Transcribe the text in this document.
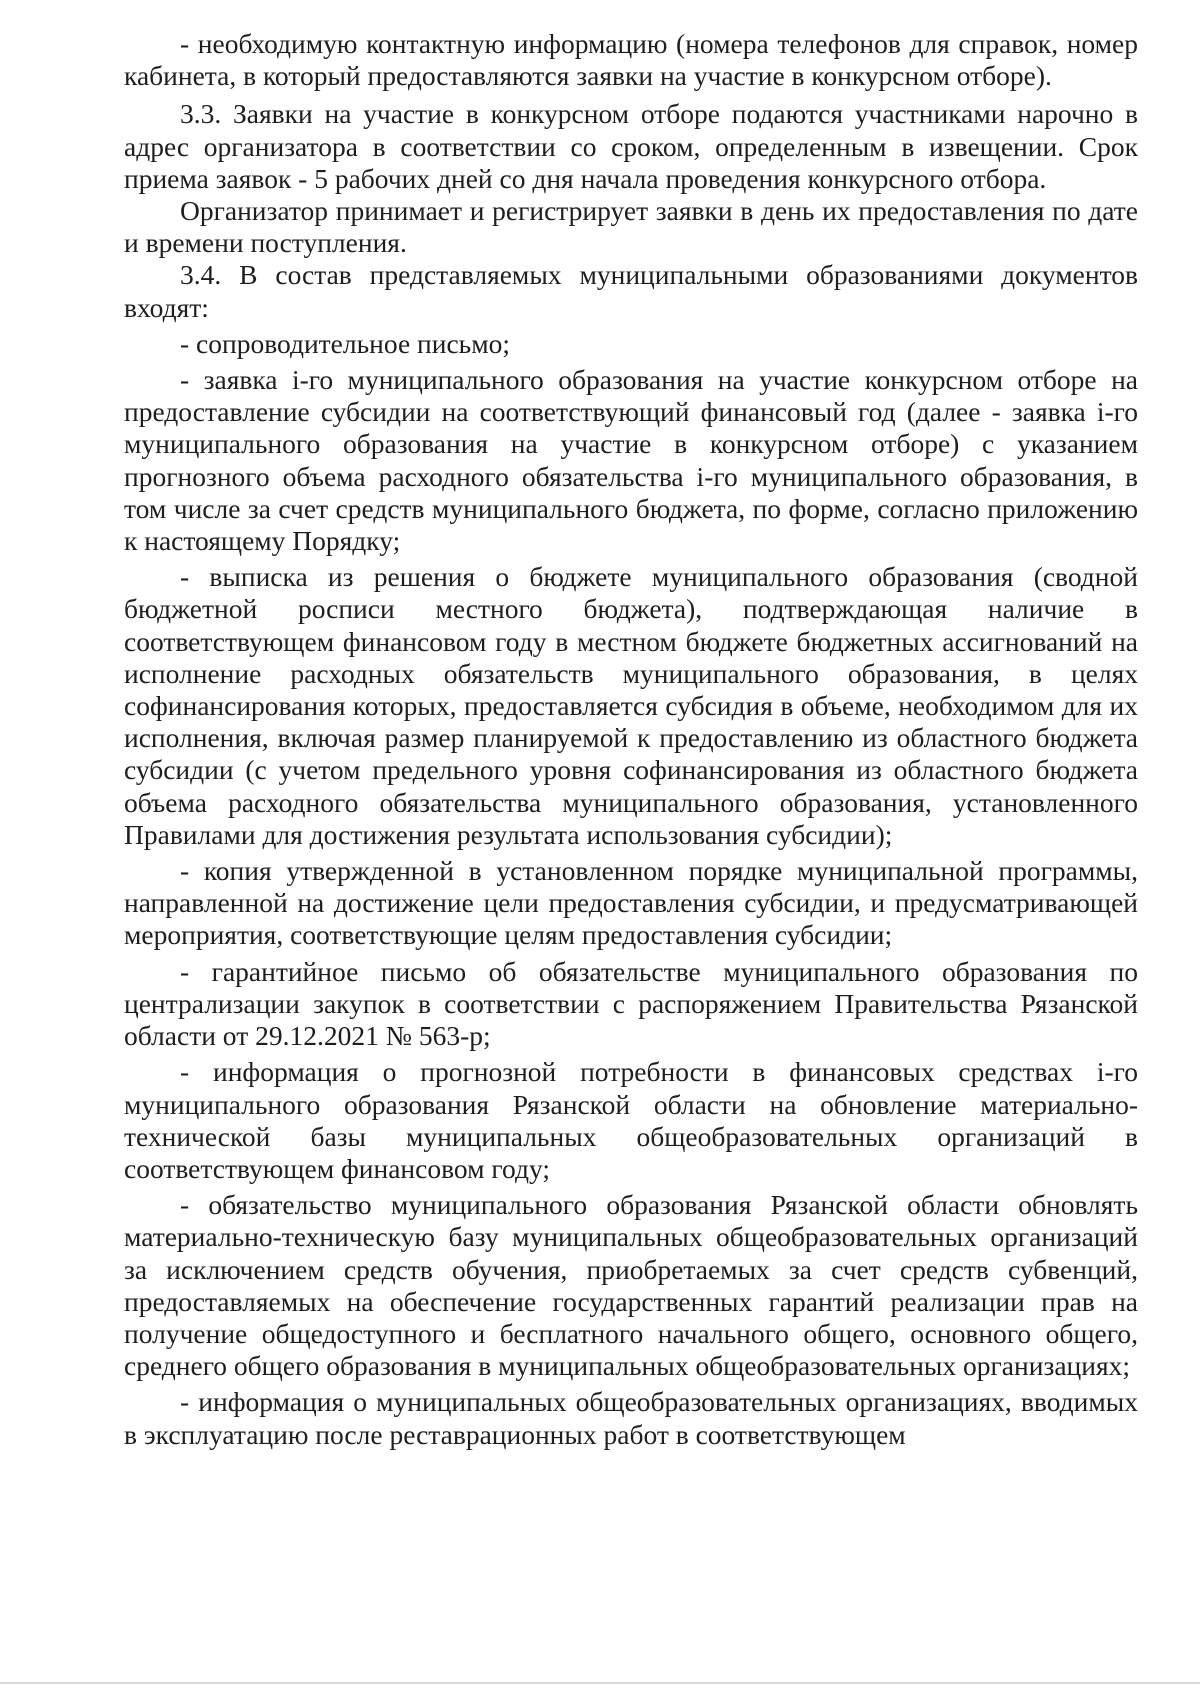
- необходимую контактную информацию (номера телефонов для справок, номер кабинета, в который предоставляются заявки на участие в конкурсном отборе).

3.3. Заявки на участие в конкурсном отборе подаются участниками нарочно в адрес организатора в соответствии со сроком, определенным в извещении. Срок приема заявок - 5 рабочих дней со дня начала проведения конкурсного отбора.

Организатор принимает и регистрирует заявки в день их предоставления по дате и времени поступления.

3.4. В состав представляемых муниципальными образованиями документов входят:

- сопроводительное письмо;

- заявка i-го муниципального образования на участие конкурсном отборе на предоставление субсидии на соответствующий финансовый год (далее - заявка i-го муниципального образования на участие в конкурсном отборе) с указанием прогнозного объема расходного обязательства i-го муниципального образования, в том числе за счет средств муниципального бюджета, по форме, согласно приложению к настоящему Порядку;

- выписка из решения о бюджете муниципального образования (сводной бюджетной росписи местного бюджета), подтверждающая наличие в соответствующем финансовом году в местном бюджете бюджетных ассигнований на исполнение расходных обязательств муниципального образования, в целях софинансирования которых, предоставляется субсидия в объеме, необходимом для их исполнения, включая размер планируемой к предоставлению из областного бюджета субсидии (с учетом предельного уровня софинансирования из областного бюджета объема расходного обязательства муниципального образования, установленного Правилами для достижения результата использования субсидии);

- копия утвержденной в установленном порядке муниципальной программы, направленной на достижение цели предоставления субсидии, и предусматривающей мероприятия, соответствующие целям предоставления субсидии;

- гарантийное письмо об обязательстве муниципального образования по централизации закупок в соответствии с распоряжением Правительства Рязанской области от 29.12.2021 № 563-р;

- информация о прогнозной потребности в финансовых средствах i-го муниципального образования Рязанской области на обновление материально-технической базы муниципальных общеобразовательных организаций в соответствующем финансовом году;

- обязательство муниципального образования Рязанской области обновлять материально-техническую базу муниципальных общеобразовательных организаций за исключением средств обучения, приобретаемых за счет средств субвенций, предоставляемых на обеспечение государственных гарантий реализации прав на получение общедоступного и бесплатного начального общего, основного общего, среднего общего образования в муниципальных общеобразовательных организациях;

- информация о муниципальных общеобразовательных организациях, вводимых в эксплуатацию после реставрационных работ в соответствующем
